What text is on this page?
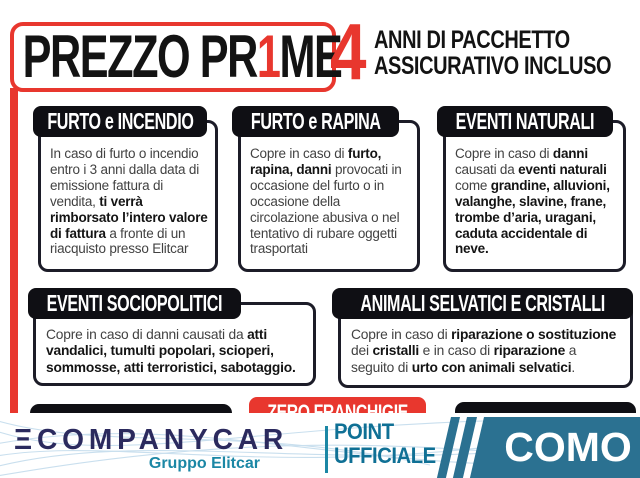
PREZZO PR1ME
4 ANNI DI PACCHETTO
ASSICURATIVO INCLUSO
FURTO e INCENDIO
In caso di furto o incendio entro i 3 anni dalla data di emissione fattura di vendita, ti verrà rimborsato l’intero valore di fattura a fronte di un riacquisto presso Elitcar
FURTO e RAPINA
Copre in caso di furto, rapina, danni provocati in occasione del furto o in occasione della circolazione abusiva o nel tentativo di rubare oggetti trasportati
EVENTI NATURALI
Copre in caso di danni causati da eventi naturali come grandine, alluvioni, valanghe, slavine, frane, trombe d’aria, uragani, caduta accidentale di neve.
EVENTI SOCIOPOLITICI
Copre in caso di danni causati da atti vandalici, tumulti popolari, scioperi, sommosse, atti terroristici, sabotaggio.
ANIMALI SELVATICI E CRISTALLI
Copre in caso di riparazione o sostituzione dei cristalli e in caso di riparazione a seguito di urto con animali selvatici.
ΞCOMPANYCAR
Gruppo Elitcar
POINT
UFFICIALE COMO
